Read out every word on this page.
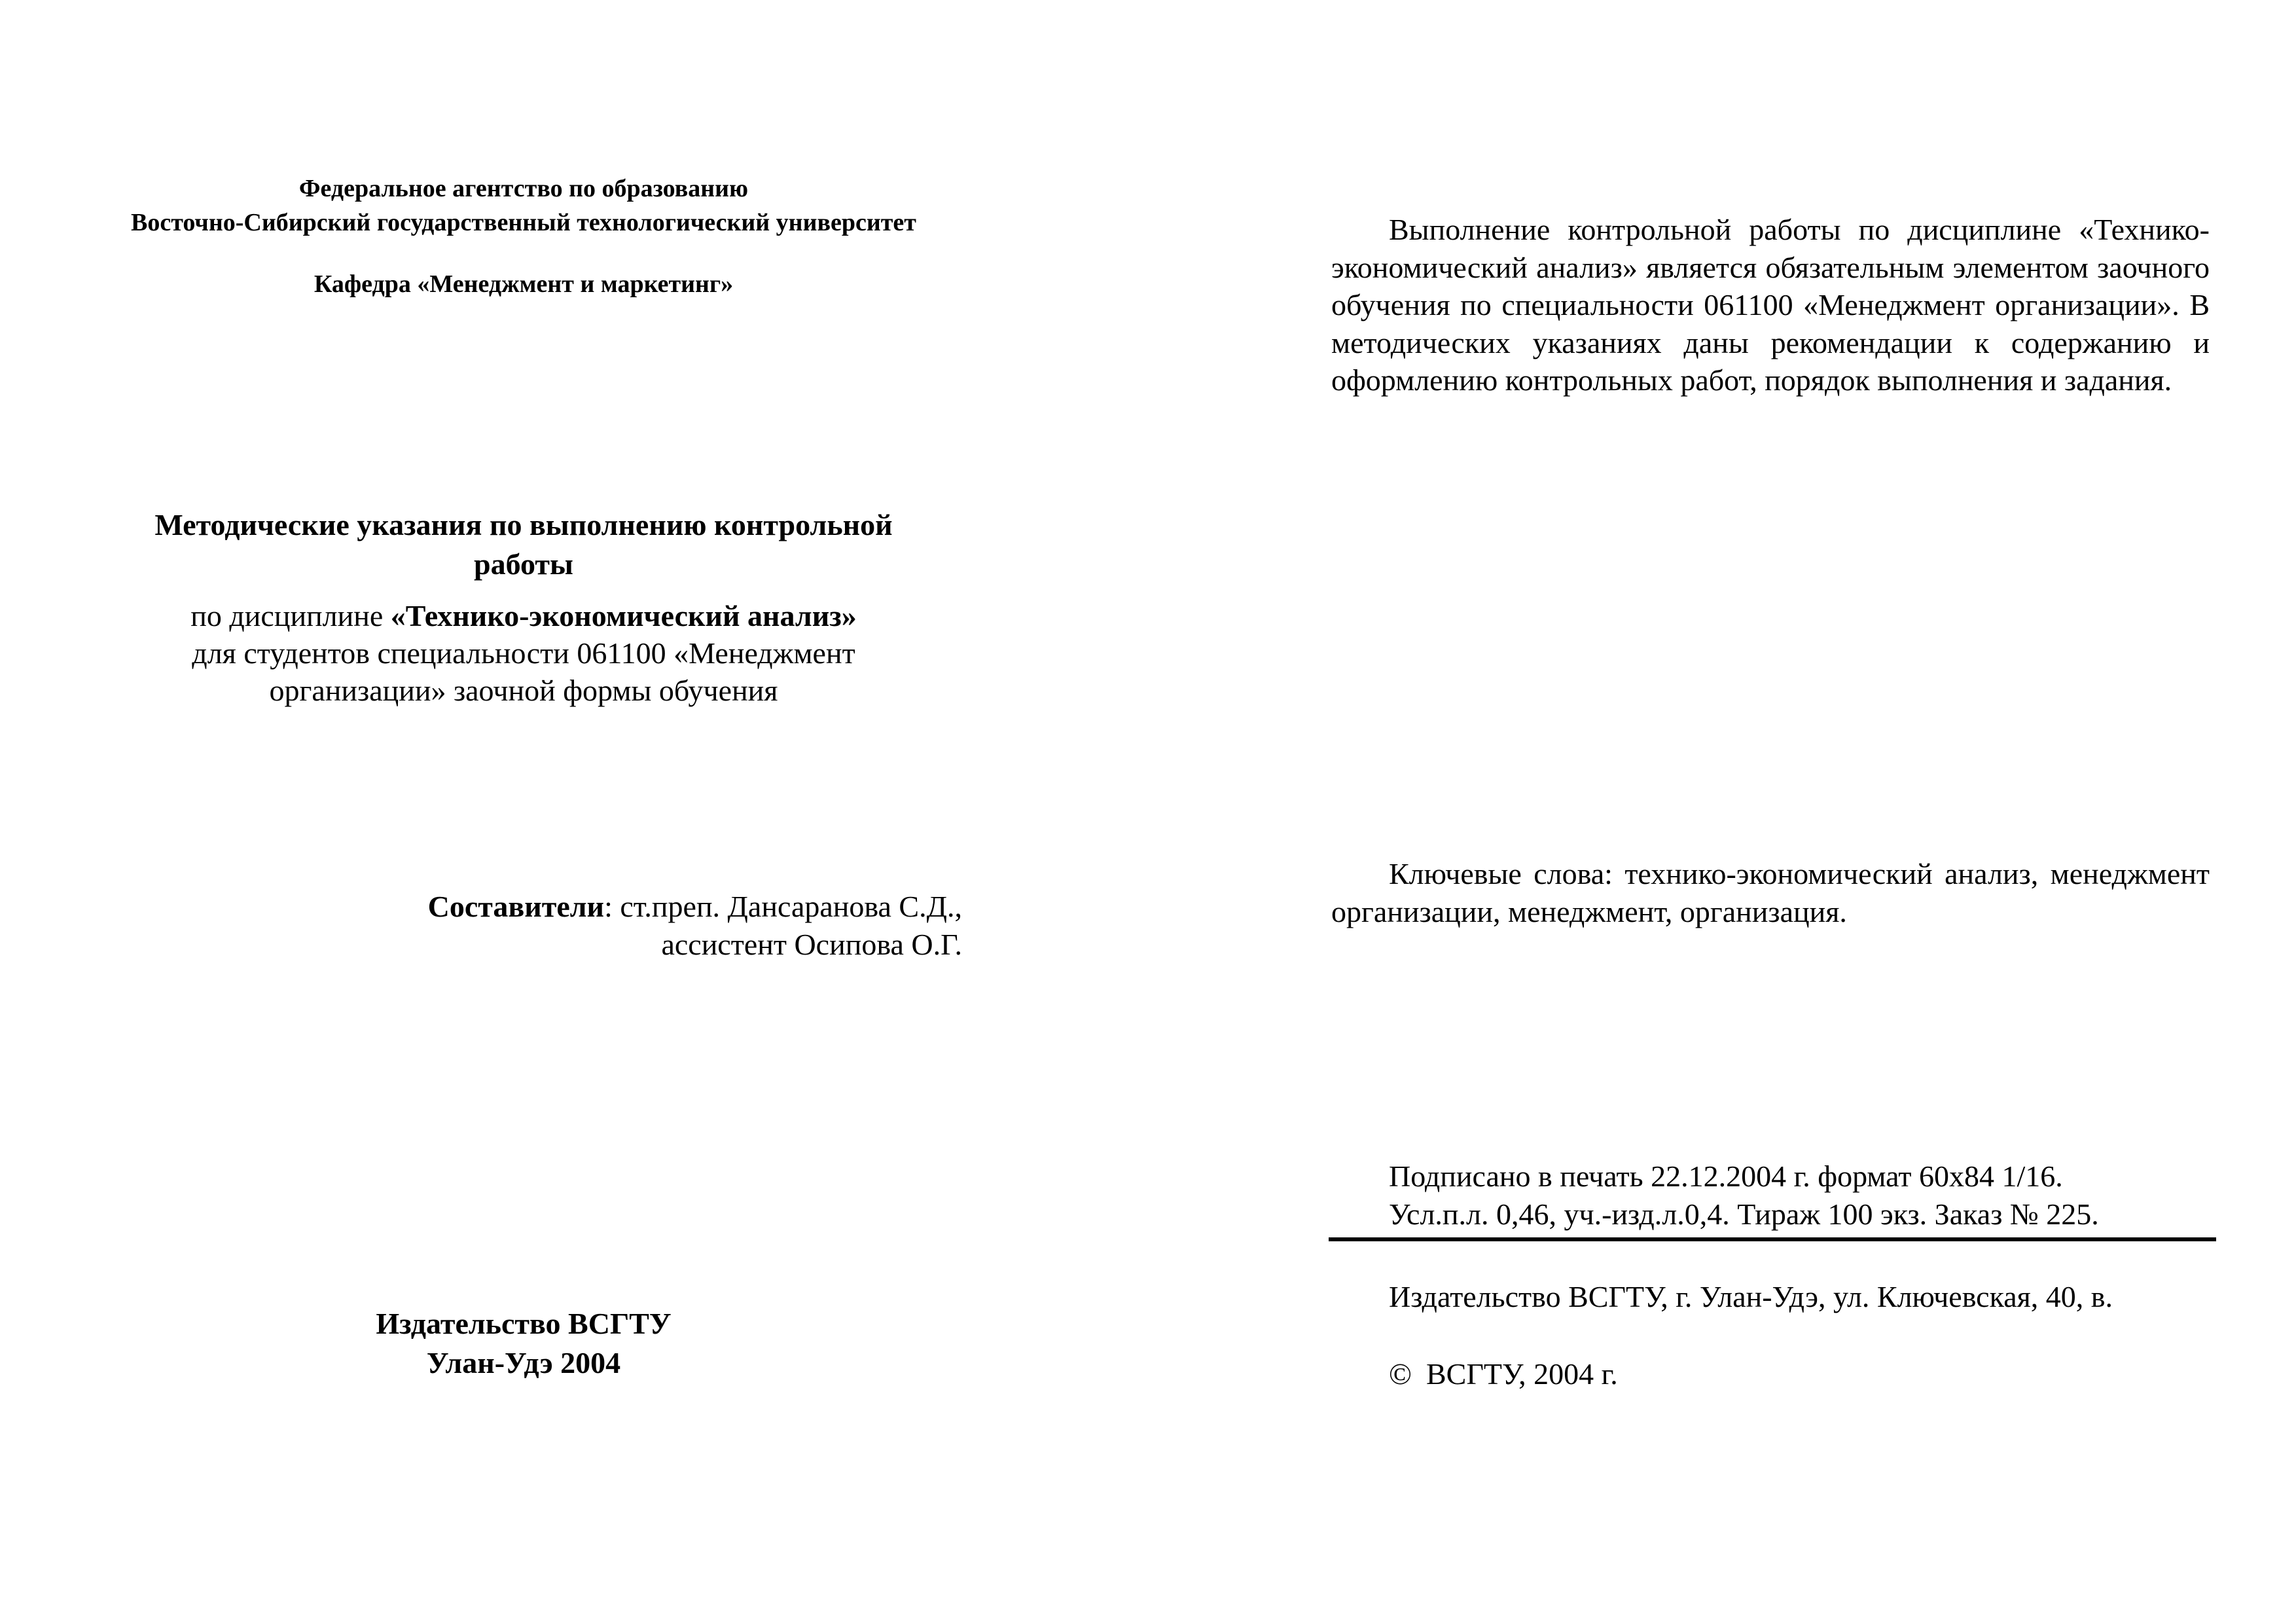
Федеральное агентство по образованию
Восточно-Сибирский государственный технологический университет
Кафедра «Менеджмент и маркетинг»
Методические указания по выполнению контрольной
работы
по дисциплине «Технико-экономический анализ»
для студентов специальности 061100 «Менеджмент
организации» заочной формы обучения
Составители: ст.преп. Дансаранова С.Д.,
ассистент Осипова О.Г.
Издательство ВСГТУ
Улан-Удэ 2004

Выполнение контрольной работы по дисциплине «Технико-экономический анализ» является обязательным элементом заочного обучения по специальности 061100 «Менеджмент организации». В методических указаниях даны рекомендации к содержанию и оформлению контрольных работ, порядок выполнения и задания.

Ключевые слова: технико-экономический анализ, менеджмент организации, менеджмент, организация.

Подписано в печать 22.12.2004 г. формат 60х84 1/16.
Усл.п.л. 0,46, уч.-изд.л.0,4. Тираж 100 экз. Заказ № 225.
Издательство ВСГТУ, г. Улан-Удэ, ул. Ключевская, 40, в.
© ВСГТУ, 2004 г.
